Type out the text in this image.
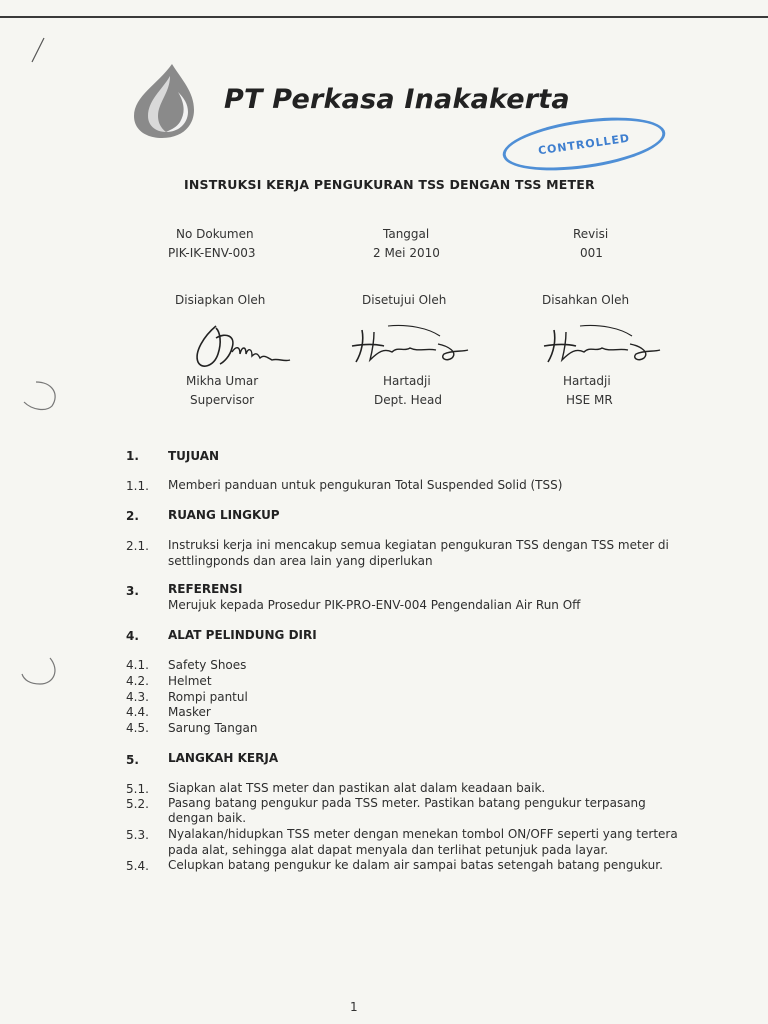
PT Perkasa Inakakerta
CONTROLLED
INSTRUKSI KERJA PENGUKURAN TSS DENGAN TSS METER
No Dokumen
PIK-IK-ENV-003
Tanggal
2 Mei 2010
Revisi
001
Disiapkan Oleh	Disetujui Oleh	Disahkan Oleh
Mikha Umar
Supervisor
Hartadji
Dept. Head
Hartadji
HSE MR
1. TUJUAN
1.1. Memberi panduan untuk pengukuran Total Suspended Solid (TSS)
2. RUANG LINGKUP
2.1. Instruksi kerja ini mencakup semua kegiatan pengukuran TSS dengan TSS meter di
settlingponds dan area lain yang diperlukan
3. REFERENSI
Merujuk kepada Prosedur PIK-PRO-ENV-004 Pengendalian Air Run Off
4. ALAT PELINDUNG DIRI
4.1. Safety Shoes
4.2. Helmet
4.3. Rompi pantul
4.4. Masker
4.5. Sarung Tangan
5. LANGKAH KERJA
5.1. Siapkan alat TSS meter dan pastikan alat dalam keadaan baik.
5.2. Pasang batang pengukur pada TSS meter. Pastikan batang pengukur terpasang
dengan baik.
5.3. Nyalakan/hidupkan TSS meter dengan menekan tombol ON/OFF seperti yang tertera
pada alat, sehingga alat dapat menyala dan terlihat petunjuk pada layar.
5.4. Celupkan batang pengukur ke dalam air sampai batas setengah batang pengukur.
1
